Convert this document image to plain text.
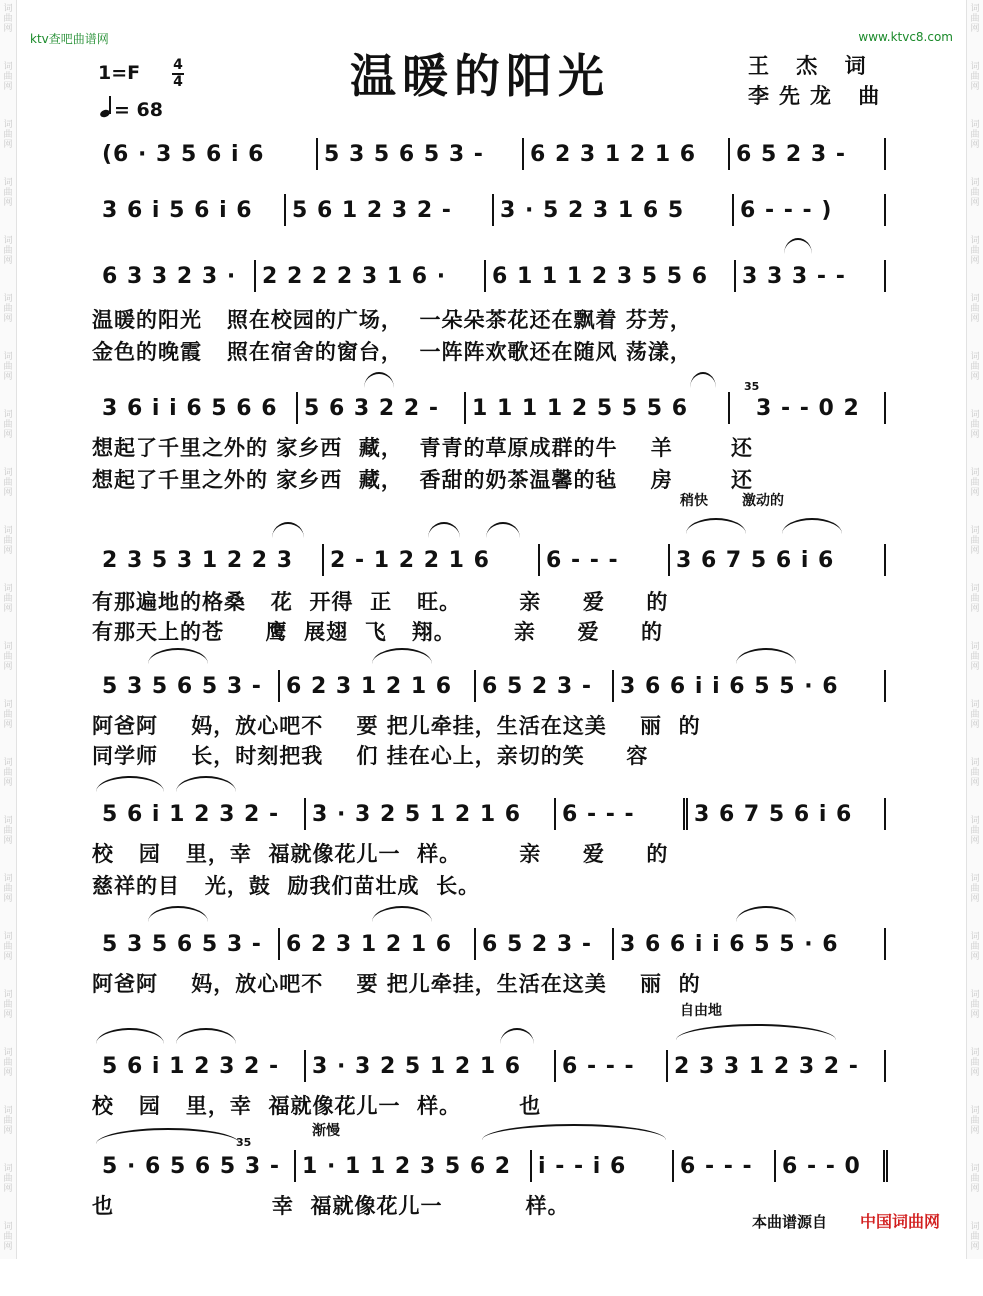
词
曲
网
词
曲
网
词
曲
网
词
曲
网
词
曲
网
词
曲
网
词
曲
网
词
曲
网
词
曲
网
词
曲
网
词
曲
网
词
曲
网
词
曲
网
词
曲
网
词
曲
网
词
曲
网
词
曲
网
词
曲
网
词
曲
网
词
曲
网
词
曲
网
词
曲
网
词
曲
网
词
曲
网
词
曲
网
词
曲
网
词
曲
网
词
曲
网
词
曲
网
词
曲
网
词
曲
网
词
曲
网
词
曲
网
词
曲
网
词
曲
网
词
曲
网
词
曲
网
词
曲
网
词
曲
网
词
曲
网
词
曲
网
词
曲
网
词
曲
网
词
曲
网
ktv查吧曲谱网	www.ktvc8.com
温暖的阳光	王 杰 词
李先龙 曲
1=F 4
4
= 68

(6 · 3 5 6 i 6

	5 3 5 6 5 3 -

	6 2 3 1 2 1 6

	6 5 2 3 -

3 6 i 5 6 i 6

	5 6 1 2 3 2 -

	3 · 5 2 3 1 6 5

	6 - - - )

6 3 3 2 3 ·

	2 2 2 2 3 1 6 ·

	6 1 1 1 2 3 5 5 6

	3 3 3 - -

温暖的阳光   照在校园的广场，  一朵朵茶花还在飘着 芬芳，
金色的晚霞   照在宿舍的窗台，  一阵阵欢歌还在随风 荡漾，

3 6 i i 6 5 6 6

	5 6 3 2 2 -

	1 1 1 1 2 5 5 5 6

	3 - - 0 2

35
想起了千里之外的 家乡西  藏，  青青的草原成群的牛    羊       还
想起了千里之外的 家乡西  藏，  香甜的奶茶温馨的毡    房       还
稍快 激动的

2 3 5 3 1 2 2 3

	2 - 1 2 2 1 6

	6 - - -

	3 6 7 5 6 i 6

有那遍地的格桑   花  开得  正   旺。       亲     爱     的
有那天上的苍     鹰  展翅  飞   翔。       亲     爱     的

5 3 5 6 5 3 -

	6 2 3 1 2 1 6

	6 5 2 3 -

	3 6 6 i i 6 5 5 · 6

阿爸阿    妈，放心吧不    要 把儿牵挂，生活在这美    丽  的
同学师    长，时刻把我    们 挂在心上，亲切的笑     容

5 6 i 1 2 3 2 -

	3 · 3 2 5 1 2 1 6

	6 - - -

	3 6 7 5 6 i 6

校   园   里，幸  福就像花儿一  样。       亲     爱     的
慈祥的目   光，鼓  励我们苗壮成  长。

5 3 5 6 5 3 -

	6 2 3 1 2 1 6

	6 5 2 3 -

	3 6 6 i i 6 5 5 · 6

阿爸阿    妈，放心吧不    要 把儿牵挂，生活在这美    丽  的
自由地

5 6 i 1 2 3 2 -

	3 · 3 2 5 1 2 1 6

	6 - - -

	2 3 3 1 2 3 2 -

校   园   里，幸  福就像花儿一  样。       也
渐慢

5 · 6 5 6 5 3 -

	1 · 1 1 2 3 5 6 2

	i - - i 6

	6 - - -

	6 - - 0

35
也                   幸  福就像花儿一          样。
本曲谱源自 中国词曲网
